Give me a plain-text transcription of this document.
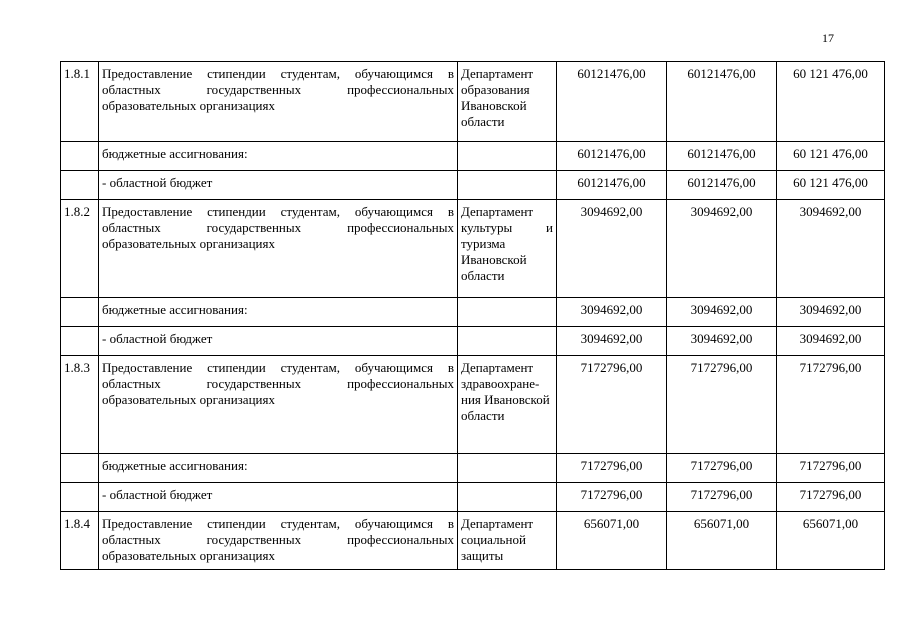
17
1.8.1	Предоставление стипендии студентам, обучающимся в областных государственных профессиональных образовательных организациях	Департамент образования Ивановской области	60121476,00	60121476,00	60 121 476,00
	бюджетные ассигнования:		60121476,00	60121476,00	60 121 476,00
	- областной бюджет		60121476,00	60121476,00	60 121 476,00
1.8.2	Предоставление стипендии студентам, обучающимся в областных государственных профессиональных образовательных организациях	Департамент культуры и туризма Ивановской области	3094692,00	3094692,00	3094692,00
	бюджетные ассигнования:		3094692,00	3094692,00	3094692,00
	- областной бюджет		3094692,00	3094692,00	3094692,00
1.8.3	Предоставление стипендии студентам, обучающимся в областных государственных профессиональных образовательных организациях	Департамент здравоохране-ния Ивановской области	7172796,00	7172796,00	7172796,00
	бюджетные ассигнования:		7172796,00	7172796,00	7172796,00
	- областной бюджет		7172796,00	7172796,00	7172796,00
1.8.4	Предоставление стипендии студентам, обучающимся в областных государственных профессиональных образовательных организациях	Департамент социальной защиты	656071,00	656071,00	656071,00
